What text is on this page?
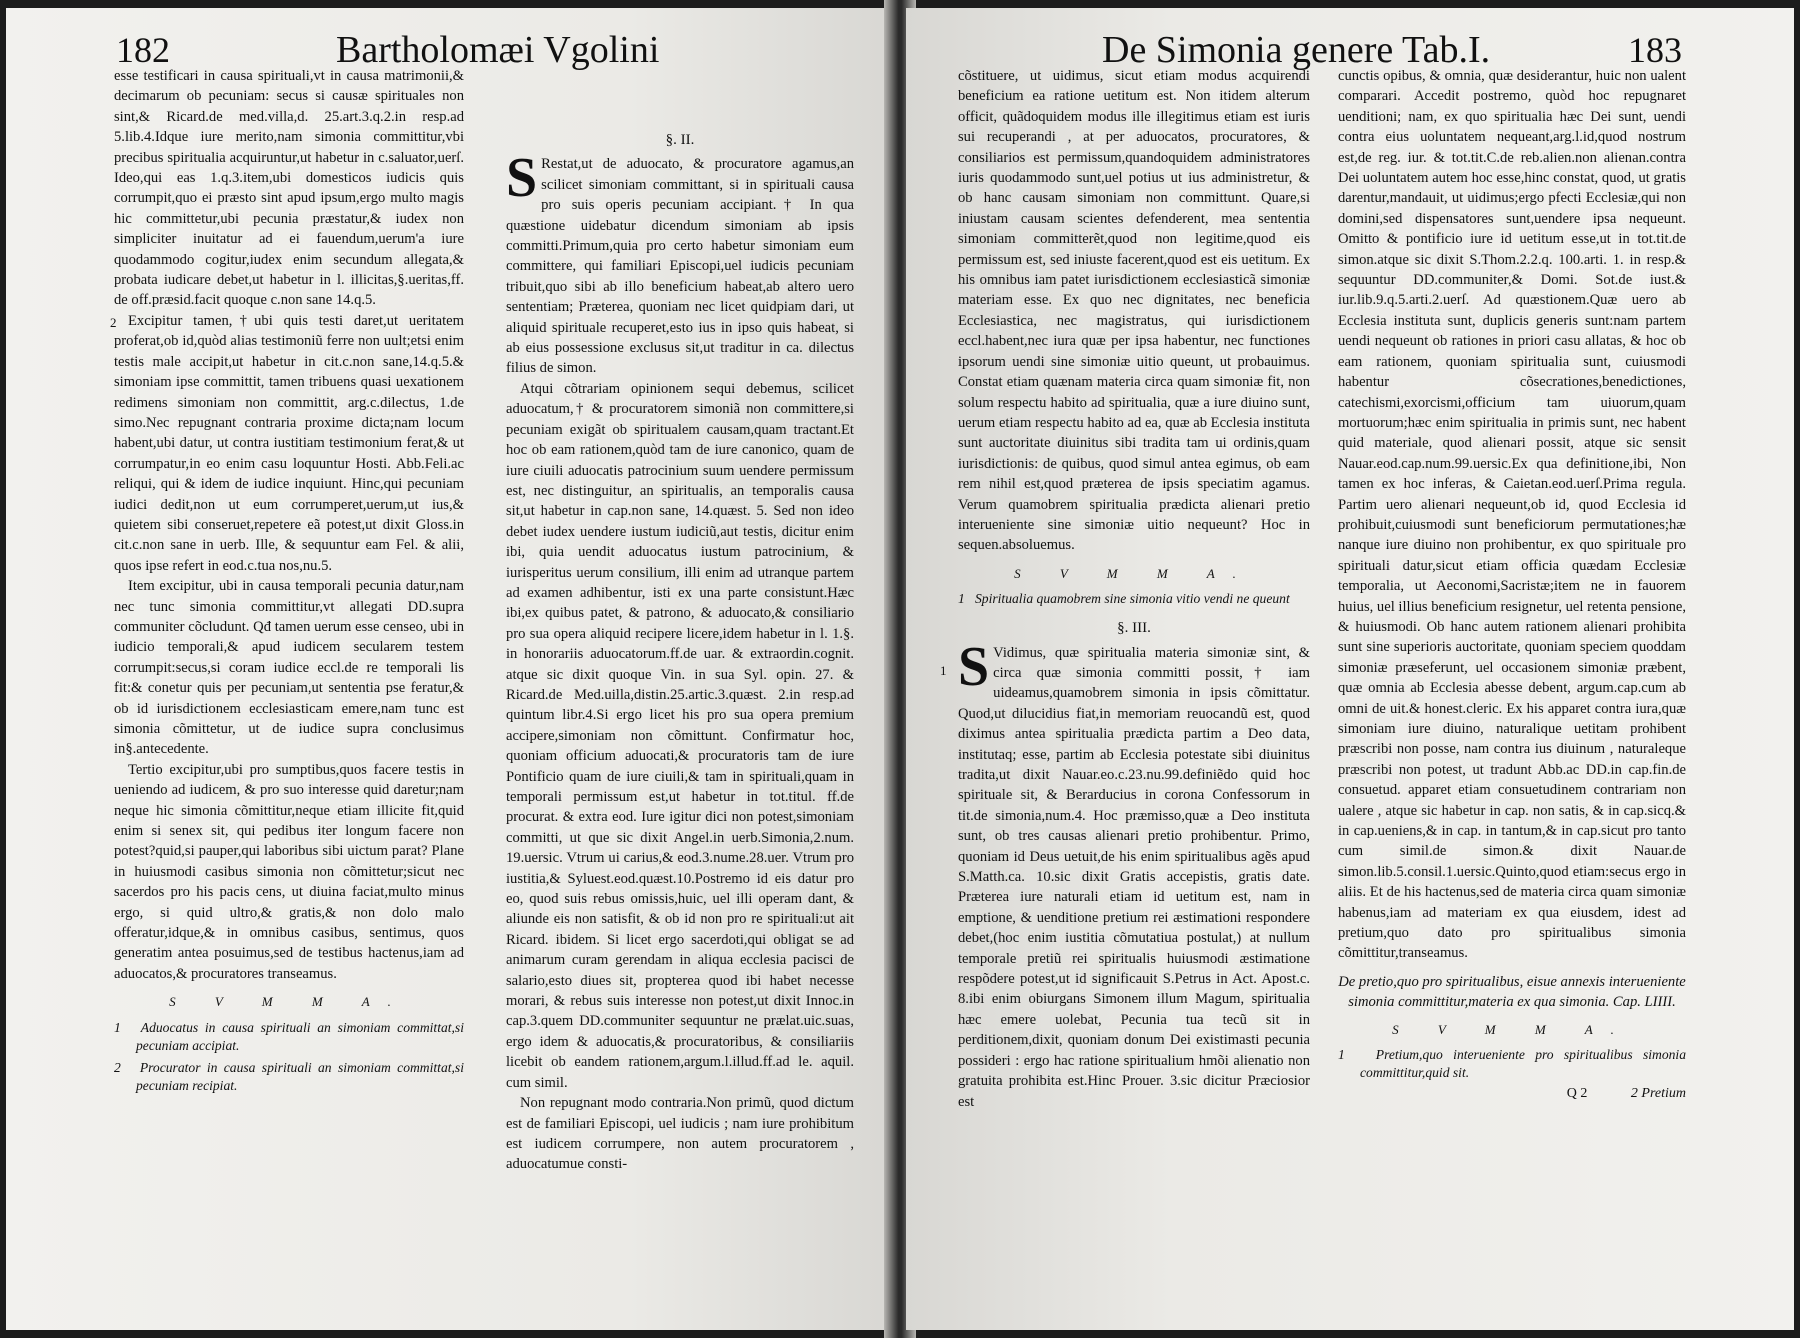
182	Bartholomæi Vgolini

esse testificari in causa spirituali,vt in causa matrimonii,& decimarum ob pecuniam: secus si causæ spirituales non sint,& Ricard.de med.villa,d. 25.art.3.q.2.in resp.ad 5.lib.4.Idque iure merito,nam simonia committitur,vbi precibus spiritualia acquiruntur,ut habetur in c.saluator,uerſ. Ideo,qui eas 1.q.3.item,ubi domesticos iudicis quis corrumpit,quo ei præsto sint apud ipsum,ergo multo magis hic committetur,ubi pecunia præstatur,& iudex non simpliciter inuitatur ad ei fauendum,uerum'a iure quodammodo cogitur,iudex enim secundum allegata,& probata iudicare debet,ut habetur in l. illicitas,§.ueritas,ff. de off.præsid.facit quoque c.non sane 14.q.5.

2 Excipitur tamen,†ubi quis testi daret,ut ueritatem proferat,ob id,quòd alias testimoniũ ferre non uult;etsi enim testis male accipit,ut habetur in cit.c.non sane,14.q.5.& simoniam ipse committit, tamen tribuens quasi uexationem redimens simoniam non committit, arg.c.dilectus, 1.de simo.Nec repugnant contraria proxime dicta;nam locum habent,ubi datur, ut contra iustitiam testimonium ferat,& ut corrumpatur,in eo enim casu loquuntur Hosti. Abb.Feli.ac reliqui, qui & idem de iudice inquiunt. Hinc,qui pecuniam iudici dedit,non ut eum corrumperet,uerum,ut ius,& quietem sibi conseruet,repetere eã potest,ut dixit Gloss.in cit.c.non sane in uerb. Ille, & sequuntur eam Fel. & alii, quos ipse refert in eod.c.tua nos,nu.5.

Item excipitur, ubi in causa temporali pecunia datur,nam nec tunc simonia committitur,vt allegati DD.supra communiter cõcludunt. Qđ tamen uerum esse censeo, ubi in iudicio temporali,& apud iudicem secularem testem corrumpit:secus,si coram iudice eccl.de re temporali lis fit:& conetur quis per pecuniam,ut sententia pse feratur,& ob id iurisdictionem ecclesiasticam emere,nam tunc est simonia cõmittetur, ut de iudice supra conclusimus in§.antecedente.

Tertio excipitur,ubi pro sumptibus,quos facere testis in ueniendo ad iudicem, & pro suo interesse quid daretur;nam neque hic simonia cõmittitur,neque etiam illicite fit,quid enim si senex sit, qui pedibus iter longum facere non potest?quid,si pauper,qui laboribus sibi uictum parat? Plane in huiusmodi casibus simonia non cõmittetur;sicut nec sacerdos pro his pacis cens, ut diuina faciat,multo minus ergo, si quid ultro,& gratis,& non dolo malo offeratur,idque,& in omnibus casibus, sentimus, quos generatim antea posuimus,sed de testibus hactenus,iam ad aduocatos,& procuratores transeamus.

S V M M A.
1 Aduocatus in causa spirituali an simoniam committat,si pecuniam accipiat.
2 Procurator in causa spirituali an simoniam committat,si pecuniam recipiat.
§. II.

S Restat,ut de aduocato, & procuratore agamus,an scilicet simoniam committant, si in spirituali causa pro suis operis pecuniam accipiant.† In qua quæstione uidebatur dicendum simoniam ab ipsis committi.Primum,quia pro certo habetur simoniam eum committere, qui familiari Episcopi,uel iudicis pecuniam tribuit,quo sibi ab illo beneficium habeat,ab altero uero sententiam; Præterea, quoniam nec licet quidpiam dari, ut aliquid spirituale recuperet,esto ius in ipso quis habeat, si ab eius possessione exclusus sit,ut traditur in ca. dilectus filius de simon.

Atqui cõtrariam opinionem sequi debemus, scilicet aduocatum,† & procuratorem simoniã non committere,si pecuniam exigãt ob spiritualem causam,quam tractant.Et hoc ob eam rationem,quòd tam de iure canonico, quam de iure ciuili aduocatis patrocinium suum uendere permissum est, nec distinguitur, an spiritualis, an temporalis causa sit,ut habetur in cap.non sane, 14.quæst. 5. Sed non ideo debet iudex uendere iustum iudiciũ,aut testis, dicitur enim ibi, quia uendit aduocatus iustum patrocinium, & iurisperitus uerum consilium, illi enim ad utranque partem ad examen adhibentur, isti ex una parte consistunt.Hæc ibi,ex quibus patet, & patrono, & aduocato,& consiliario pro sua opera aliquid recipere licere,idem habetur in l. 1.§. in honorariis aduocatorum.ff.de uar. & extraordin.cognit. atque sic dixit quoque Vin. in sua Syl. opin. 27. & Ricard.de Med.uilla,distin.25.artic.3.quæst. 2.in resp.ad quintum libr.4.Si ergo licet his pro sua opera premium accipere,simoniam non cõmittunt. Confirmatur hoc, quoniam officium aduocati,& procuratoris tam de iure Pontificio quam de iure ciuili,& tam in spirituali,quam in temporali permissum est,ut habetur in tot.titul. ff.de procurat. & extra eod. Iure igitur dici non potest,simoniam committi, ut que sic dixit Angel.in uerb.Simonia,2.num. 19.uersic. Vtrum ui carius,& eod.3.nume.28.uer. Vtrum pro iustitia,& Syluest.eod.quæst.10.Postremo id eis datur pro eo, quod suis rebus omissis,huic, uel illi operam dant, & aliunde eis non satisfit, & ob id non pro re spirituali:ut ait Ricard. ibidem. Si licet ergo sacerdoti,qui obligat se ad animarum curam gerendam in aliqua ecclesia pacisci de salario,esto diues sit, propterea quod ibi habet necesse morari, & rebus suis interesse non potest,ut dixit Innoc.in cap.3.quem DD.communiter sequuntur ne prælat.uic.suas, ergo idem & aduocatis,& procuratoribus, & consiliariis licebit ob eandem rationem,argum.l.illud.ff.ad le. aquil. cum simil.

Non repugnant modo contraria.Non primũ, quod dictum est de familiari Episcopi, uel iudicis ; nam iure prohibitum est iudicem corrumpere, non autem procuratorem , aduocatumue consti-

De Simonia genere Tab.I.	183

cõstituere, ut uidimus, sicut etiam modus acquirendi beneficium ea ratione uetitum est. Non itidem alterum officit, quãdoquidem modus ille illegitimus etiam est iuris sui recuperandi , at per aduocatos, procuratores, & consiliarios est permissum,quandoquidem administratores iuris quodammodo sunt,uel potius ut ius administretur, & ob hanc causam simoniam non committunt. Quare,si iniustam causam scientes defenderent, mea sententia simoniam committerẽt,quod non legitime,quod eis permissum est, sed iniuste facerent,quod est eis uetitum. Ex his omnibus iam patet iurisdictionem ecclesiasticã simoniæ materiam esse. Ex quo nec dignitates, nec beneficia Ecclesiastica, nec magistratus, qui iurisdictionem eccl.habent,nec iura quæ per ipsa habentur, nec functiones ipsorum uendi sine simoniæ uitio queunt, ut probauimus. Constat etiam quænam materia circa quam simoniæ fit, non solum respectu habito ad spiritualia, quæ a iure diuino sunt, uerum etiam respectu habito ad ea, quæ ab Ecclesia instituta sunt auctoritate diuinitus sibi tradita tam ui ordinis,quam iurisdictionis: de quibus, quod simul antea egimus, ob eam rem nihil est,quod præterea de ipsis speciatim agamus. Verum quamobrem spiritualia prædicta alienari pretio interueniente sine simoniæ uitio nequeunt? Hoc in sequen.absoluemus.

S V M M A.
1 Spiritualia quamobrem sine simonia vitio vendi ne queunt
§. III.

1 S Vidimus, quæ spiritualia materia simoniæ sint, & circa quæ simonia committi possit,† iam uideamus,quamobrem simonia in ipsis cõmittatur. Quod,ut dilucidius fiat,in memoriam reuocandũ est, quod diximus antea spiritualia prædicta partim a Deo data, institutaq; esse, partim ab Ecclesia potestate sibi diuinitus tradita,ut dixit Nauar.eo.c.23.nu.99.definiẽdo quid hoc spirituale sit, & Berarducius in corona Confessorum in tit.de simonia,num.4. Hoc præmisso,quæ a Deo instituta sunt, ob tres causas alienari pretio prohibentur. Primo, quoniam id Deus uetuit,de his enim spiritualibus agẽs apud S.Matth.ca. 10.sic dixit Gratis accepistis, gratis date. Præterea iure naturali etiam id uetitum est, nam in emptione, & uenditione pretium rei æstimationi respondere debet,(hoc enim iustitia cõmutatiua postulat,) at nullum temporale pretiũ rei spiritualis huiusmodi æstimatione respõdere potest,ut id significauit S.Petrus in Act. Apost.c. 8.ibi enim obiurgans Simonem illum Magum, spiritualia hæc emere uolebat, Pecunia tua tecũ sit in perditionem,dixit, quoniam donum Dei existimasti pecunia possideri : ergo hac ratione spiritualium hmõi alienatio non gratuita prohibita est.Hinc Prouer. 3.sic dicitur Præciosior est

cunctis opibus, & omnia, quæ desiderantur, huic non ualent comparari. Accedit postremo, quòd hoc repugnaret uenditioni; nam, ex quo spiritualia hæc Dei sunt, uendi contra eius uoluntatem nequeant,arg.l.id,quod nostrum est,de reg. iur. & tot.tit.C.de reb.alien.non alienan.contra Dei uoluntatem autem hoc esse,hinc constat, quod, ut gratis darentur,mandauit, ut uidimus;ergo pfecti Ecclesiæ,qui non domini,sed dispensatores sunt,uendere ipsa nequeunt. Omitto & pontificio iure id uetitum esse,ut in tot.tit.de simon.atque sic dixit S.Thom.2.2.q. 100.arti. 1. in resp.& sequuntur DD.communiter,& Domi. Sot.de iust.& iur.lib.9.q.5.arti.2.uerſ. Ad quæstionem.Quæ uero ab Ecclesia instituta sunt, duplicis generis sunt:nam partem uendi nequeunt ob rationes in priori casu allatas, & hoc ob eam rationem, quoniam spiritualia sunt, cuiusmodi habentur cõsecrationes,benedictiones, catechismi,exorcismi,officium tam uiuorum,quam mortuorum;hæc enim spiritualia in primis sunt, nec habent quid materiale, quod alienari possit, atque sic sensit Nauar.eod.cap.num.99.uersic.Ex qua definitione,ibi, Non tamen ex hoc inferas, & Caietan.eod.uerſ.Prima regula. Partim uero alienari nequeunt,ob id, quod Ecclesia id prohibuit,cuiusmodi sunt beneficiorum permutationes;hæ nanque iure diuino non prohibentur, ex quo spirituale pro spirituali datur,sicut etiam officia quædam Ecclesiæ temporalia, ut Aeconomi,Sacristæ;item ne in fauorem huius, uel illius beneficium resignetur, uel retenta pensione, & huiusmodi. Ob hanc autem rationem alienari prohibita sunt sine superioris auctoritate, quoniam speciem quoddam simoniæ præseferunt, uel occasionem simoniæ præbent, quæ omnia ab Ecclesia abesse debent, argum.cap.cum ab omni de uit.& honest.cleric. Ex his apparet contra iura,quæ simoniam iure diuino, naturalique uetitam prohibent præscribi non posse, nam contra ius diuinum , naturaleque præscribi non potest, ut tradunt Abb.ac DD.in cap.fin.de consuetud. apparet etiam consuetudinem contrariam non ualere , atque sic habetur in cap. non satis, & in cap.sicq.& in cap.ueniens,& in cap. in tantum,& in cap.sicut pro tanto cum simil.de simon.& dixit Nauar.de simon.lib.5.consil.1.uersic.Quinto,quod etiam:secus ergo in aliis. Et de his hactenus,sed de materia circa quam simoniæ habenus,iam ad materiam ex qua eiusdem, idest ad pretium,quo dato pro spiritualibus simonia cõmittitur,transeamus.

De pretio,quo pro spiritualibus, eisue annexis interueniente simonia committitur,materia ex qua simonia. Cap. LIIII.
S V M M A.
1 Pretium,quo interueniente pro spiritualibus simonia committitur,quid sit.
Q 2	2 Pretium
